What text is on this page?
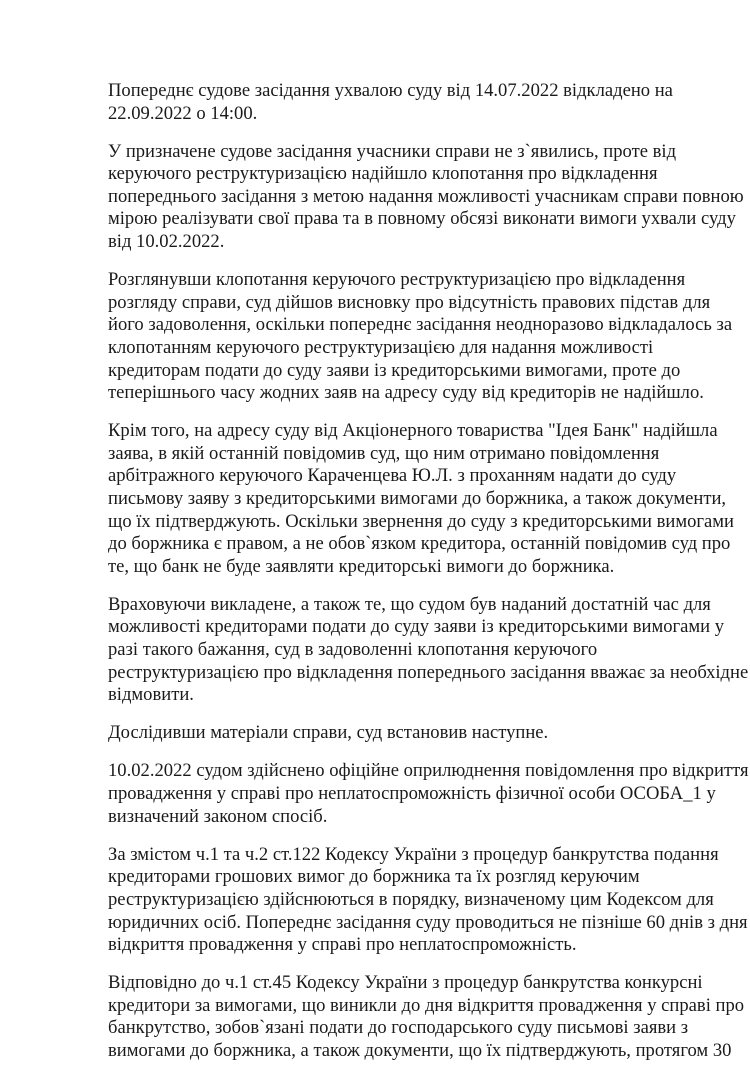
Попереднє судове засідання ухвалою суду від 14.07.2022 відкладено на
22.09.2022 о 14:00.

У призначене судове засідання учасники справи не з`явились, проте від
керуючого реструктуризацією надійшло клопотання про відкладення
попереднього засідання з метою надання можливості учасникам справи повною
мірою реалізувати свої права та в повному обсязі виконати вимоги ухвали суду
від 10.02.2022.

Розглянувши клопотання керуючого реструктуризацією про відкладення
розгляду справи, суд дійшов висновку про відсутність правових підстав для
його задоволення, оскільки попереднє засідання неодноразово відкладалось за
клопотанням керуючого реструктуризацією для надання можливості
кредиторам подати до суду заяви із кредиторськими вимогами, проте до
теперішнього часу жодних заяв на адресу суду від кредиторів не надійшло.

Крім того, на адресу суду від Акціонерного товариства "Ідея Банк" надійшла
заява, в якій останній повідомив суд, що ним отримано повідомлення
арбітражного керуючого Караченцева Ю.Л. з проханням надати до суду
письмову заяву з кредиторськими вимогами до боржника, а також документи,
що їх підтверджують. Оскільки звернення до суду з кредиторськими вимогами
до боржника є правом, а не обов`язком кредитора, останній повідомив суд про
те, що банк не буде заявляти кредиторські вимоги до боржника.

Враховуючи викладене, а також те, що судом був наданий достатній час для
можливості кредиторами подати до суду заяви із кредиторськими вимогами у
разі такого бажання, суд в задоволенні клопотання керуючого
реструктуризацією про відкладення попереднього засідання вважає за необхідне
відмовити.

Дослідивши матеріали справи, суд встановив наступне.

10.02.2022 судом здійснено офіційне оприлюднення повідомлення про відкриття
провадження у справі про неплатоспроможність фізичної особи ОСОБА_1 у
визначений законом спосіб.

За змістом ч.1 та ч.2 ст.122 Кодексу України з процедур банкрутства подання
кредиторами грошових вимог до боржника та їх розгляд керуючим
реструктуризацією здійснюються в порядку, визначеному цим Кодексом для
юридичних осіб. Попереднє засідання суду проводиться не пізніше 60 днів з дня
відкриття провадження у справі про неплатоспроможність.

Відповідно до ч.1 ст.45 Кодексу України з процедур банкрутства конкурсні
кредитори за вимогами, що виникли до дня відкриття провадження у справі про
банкрутство, зобов`язані подати до господарського суду письмові заяви з
вимогами до боржника, а також документи, що їх підтверджують, протягом 30
